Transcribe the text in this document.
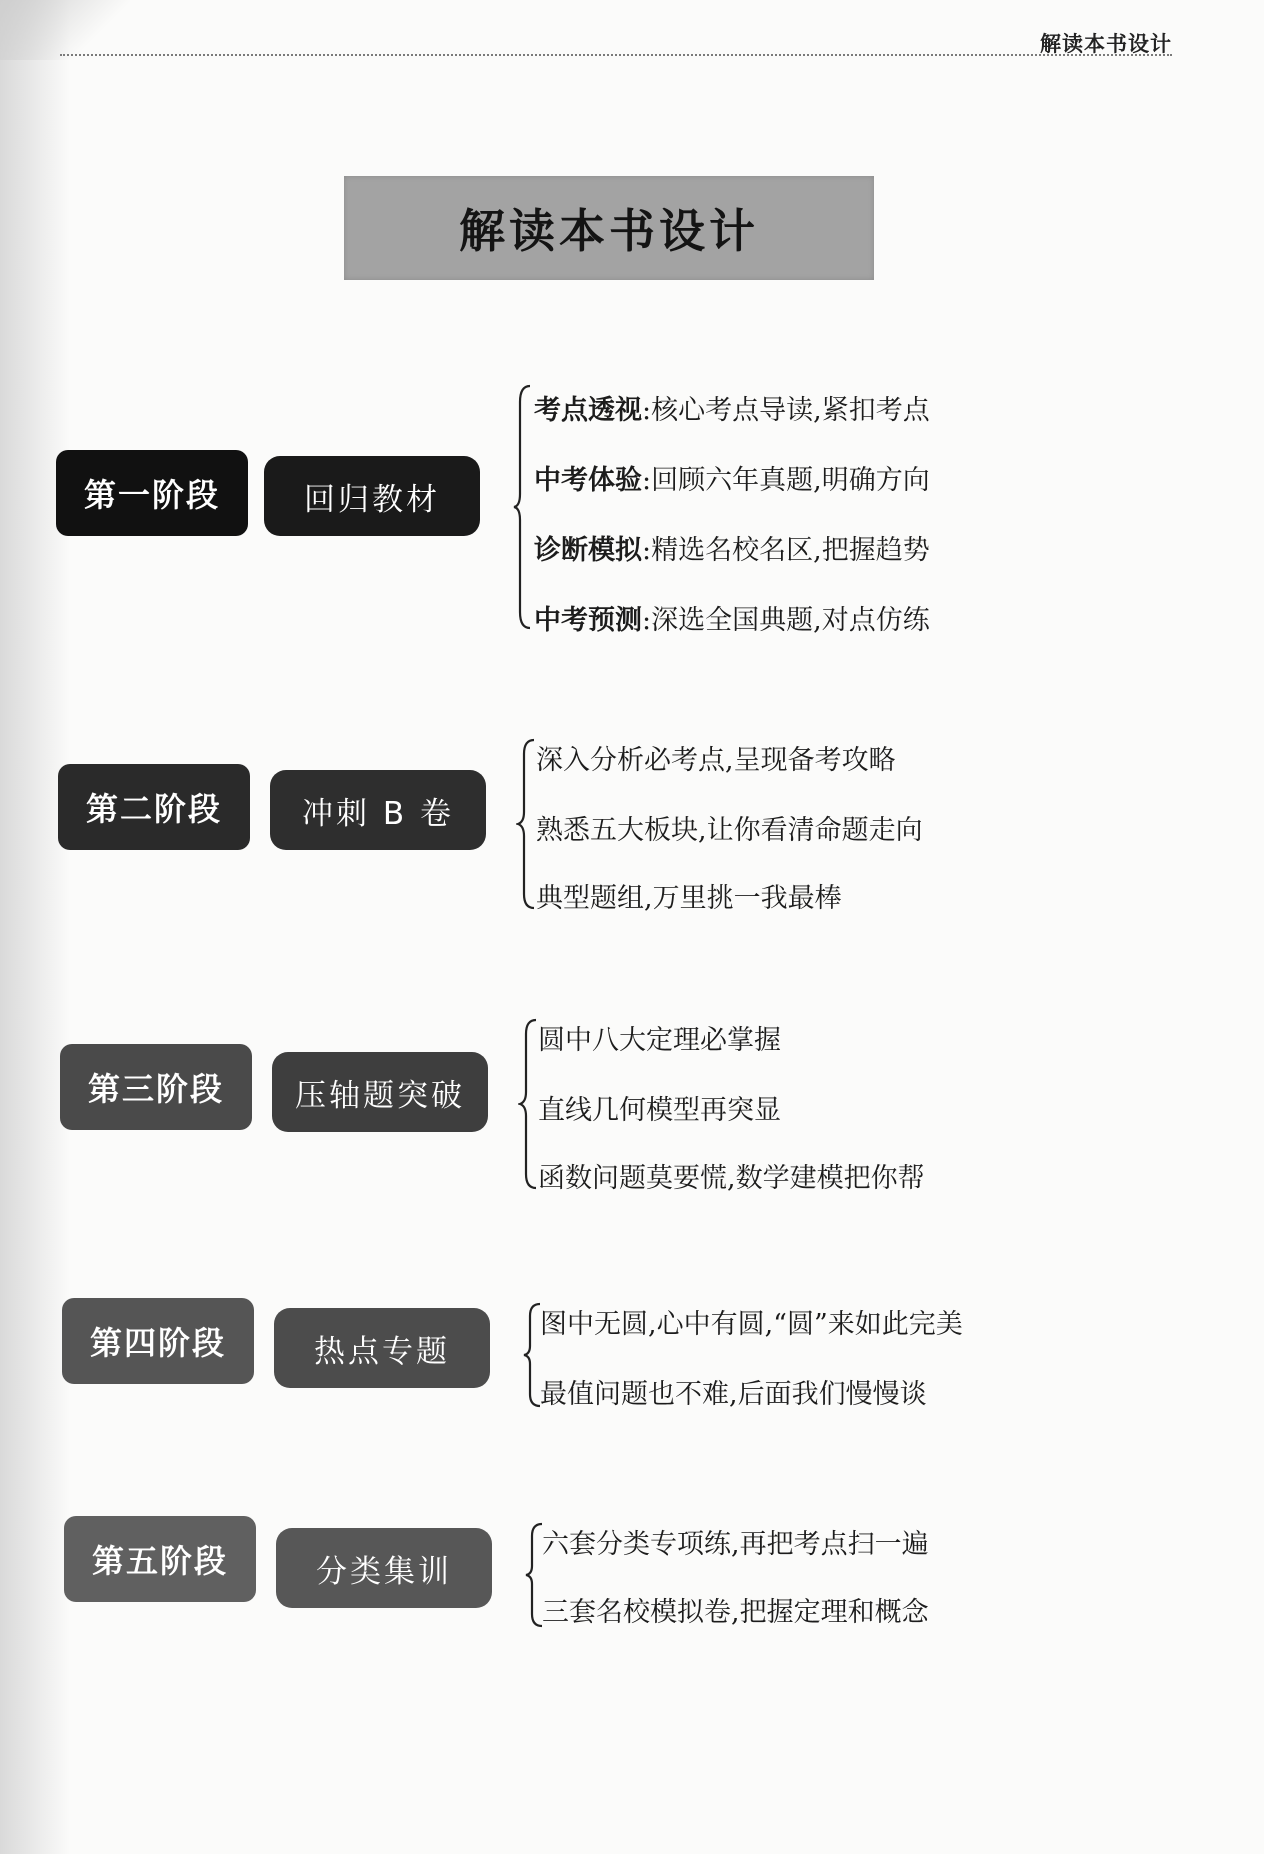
解读本书设计
解读本书设计
第一阶段	回归教材
考点透视:核心考点导读,紧扣考点
中考体验:回顾六年真题,明确方向
诊断模拟:精选名校名区,把握趋势
中考预测:深选全国典题,对点仿练
第二阶段	冲刺 B 卷
深入分析必考点,呈现备考攻略
熟悉五大板块,让你看清命题走向
典型题组,万里挑一我最棒
第三阶段	压轴题突破
圆中八大定理必掌握
直线几何模型再突显
函数问题莫要慌,数学建模把你帮
第四阶段	热点专题
图中无圆,心中有圆,“圆”来如此完美
最值问题也不难,后面我们慢慢谈
第五阶段	分类集训
六套分类专项练,再把考点扫一遍
三套名校模拟卷,把握定理和概念
